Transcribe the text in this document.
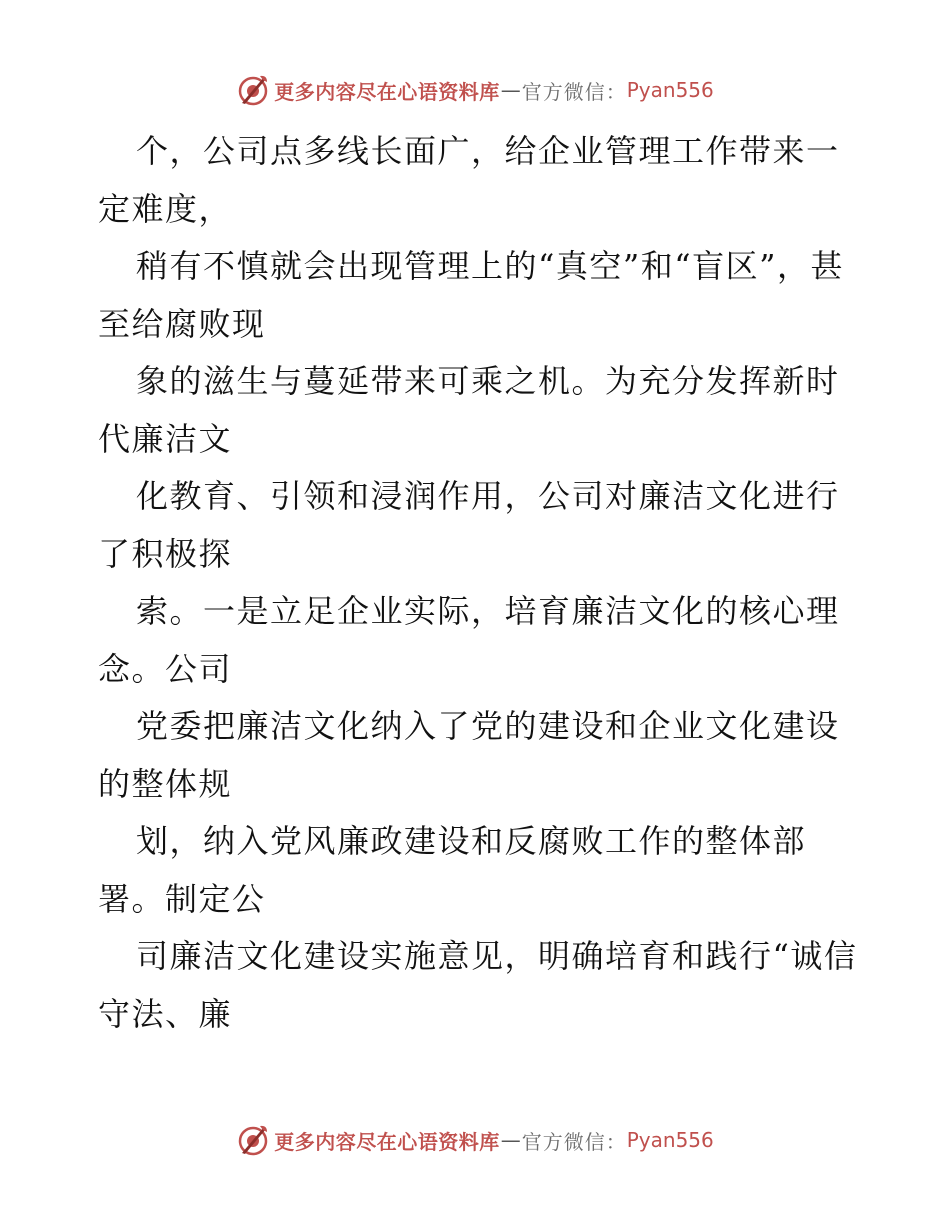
更多内容尽在心语资料库 — 官方微信： Pyan556

个，公司点多线长面广，给企业管理工作带来一定难度，

稍有不慎就会出现管理上的“真空”和“盲区”，甚至给腐败现

象的滋生与蔓延带来可乘之机。为充分发挥新时代廉洁文

化教育、引领和浸润作用，公司对廉洁文化进行了积极探

索。一是立足企业实际，培育廉洁文化的核心理念。公司

党委把廉洁文化纳入了党的建设和企业文化建设的整体规

划，纳入党风廉政建设和反腐败工作的整体部署。制定公

司廉洁文化建设实施意见，明确培育和践行“诚信守法、廉

更多内容尽在心语资料库 — 官方微信： Pyan556
